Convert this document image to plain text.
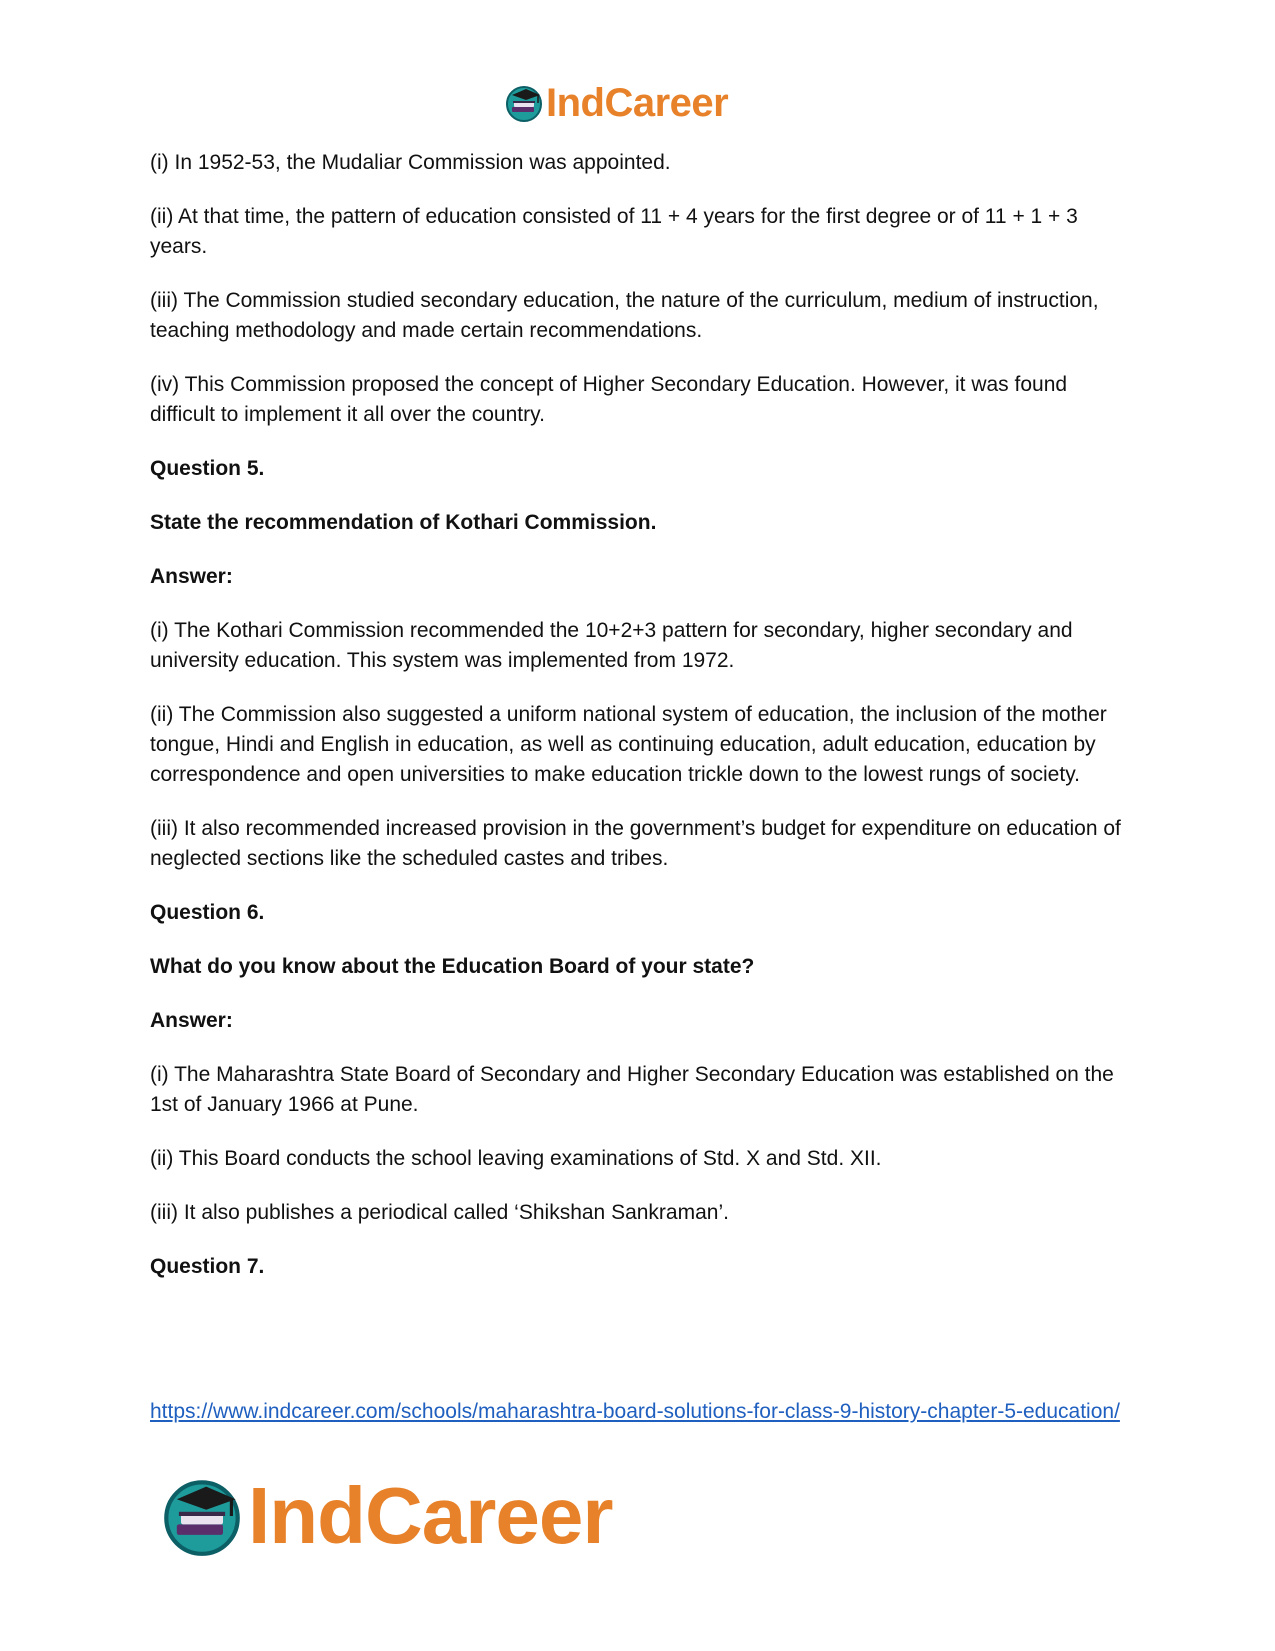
IndCareer

(i) In 1952-53, the Mudaliar Commission was appointed.

(ii) At that time, the pattern of education consisted of 11 + 4 years for the first degree or of 11 + 1 + 3 years.

(iii) The Commission studied secondary education, the nature of the curriculum, medium of instruction, teaching methodology and made certain recommendations.

(iv) This Commission proposed the concept of Higher Secondary Education. However, it was found difficult to implement it all over the country.

Question 5.

State the recommendation of Kothari Commission.

Answer:

(i) The Kothari Commission recommended the 10+2+3 pattern for secondary, higher secondary and university education. This system was implemented from 1972.

(ii) The Commission also suggested a uniform national system of education, the inclusion of the mother tongue, Hindi and English in education, as well as continuing education, adult education, education by correspondence and open universities to make education trickle down to the lowest rungs of society.

(iii) It also recommended increased provision in the government’s budget for expenditure on education of neglected sections like the scheduled castes and tribes.

Question 6.

What do you know about the Education Board of your state?

Answer:

(i) The Maharashtra State Board of Secondary and Higher Secondary Education was established on the 1st of January 1966 at Pune.

(ii) This Board conducts the school leaving examinations of Std. X and Std. XII.

(iii) It also publishes a periodical called ‘Shikshan Sankraman’.

Question 7.

https://www.indcareer.com/schools/maharashtra-board-solutions-for-class-9-history-chapter-5-education/
IndCareer
